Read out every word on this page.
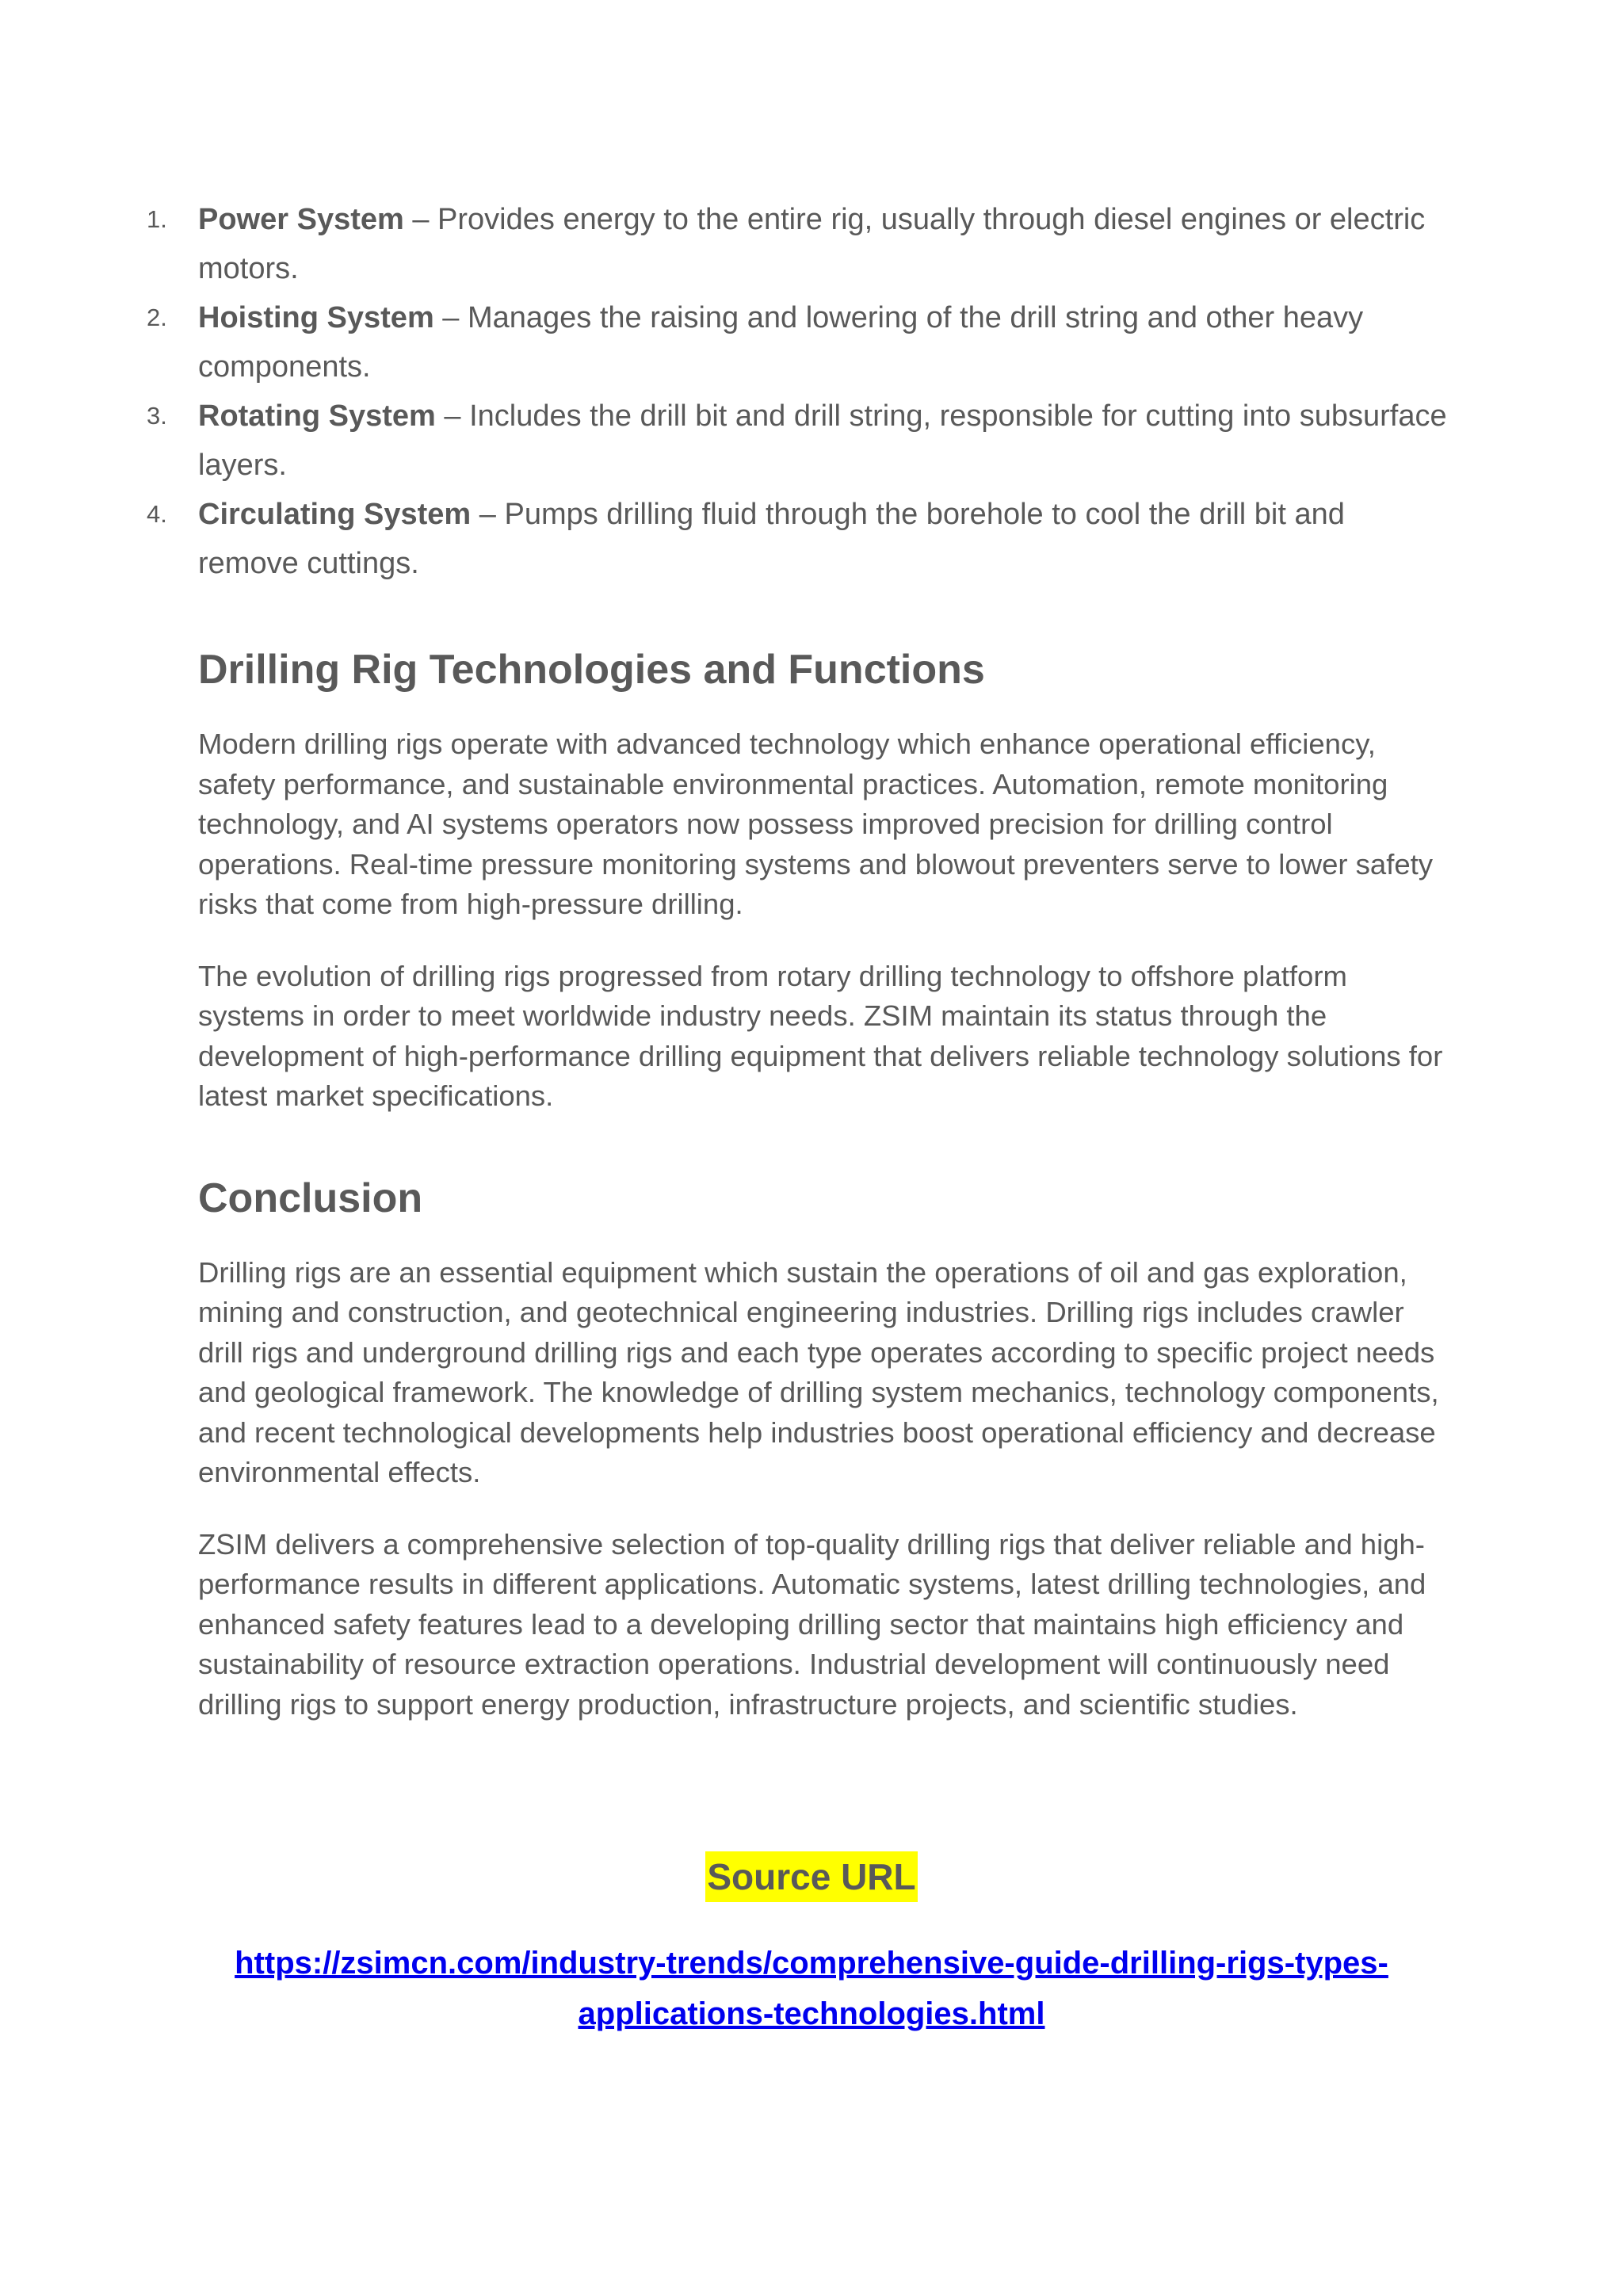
1. Power System – Provides energy to the entire rig, usually through diesel engines or electric motors.
2. Hoisting System – Manages the raising and lowering of the drill string and other heavy components.
3. Rotating System – Includes the drill bit and drill string, responsible for cutting into subsurface layers.
4. Circulating System – Pumps drilling fluid through the borehole to cool the drill bit and remove cuttings.
Drilling Rig Technologies and Functions

Modern drilling rigs operate with advanced technology which enhance operational efficiency, safety performance, and sustainable environmental practices. Automation, remote monitoring technology, and AI systems operators now possess improved precision for drilling control operations. Real-time pressure monitoring systems and blowout preventers serve to lower safety risks that come from high-pressure drilling.

The evolution of drilling rigs progressed from rotary drilling technology to offshore platform systems in order to meet worldwide industry needs. ZSIM maintain its status through the development of high-performance drilling equipment that delivers reliable technology solutions for latest market specifications.

Conclusion

Drilling rigs are an essential equipment which sustain the operations of oil and gas exploration, mining and construction, and geotechnical engineering industries. Drilling rigs includes crawler drill rigs and underground drilling rigs and each type operates according to specific project needs and geological framework. The knowledge of drilling system mechanics, technology components, and recent technological developments help industries boost operational efficiency and decrease environmental effects.

ZSIM delivers a comprehensive selection of top-quality drilling rigs that deliver reliable and high-performance results in different applications. Automatic systems, latest drilling technologies, and enhanced safety features lead to a developing drilling sector that maintains high efficiency and sustainability of resource extraction operations. Industrial development will continuously need drilling rigs to support energy production, infrastructure projects, and scientific studies.

Source URL
https://zsimcn.com/industry-trends/comprehensive-guide-drilling-rigs-types-
applications-technologies.html
